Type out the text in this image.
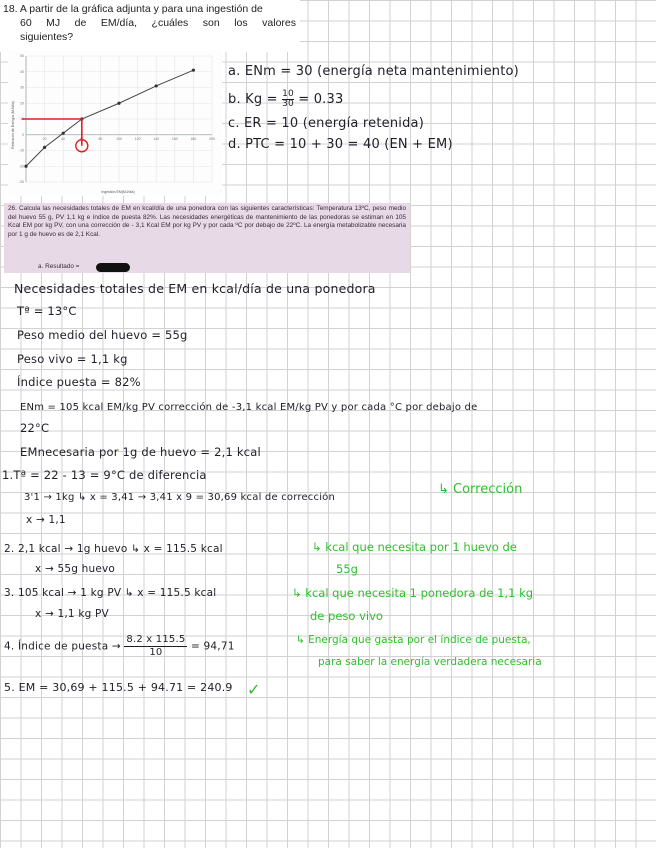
18. A partir de la gráfica adjunta y para una ingestión de
60 MJ de EM/día, ¿cuáles son los valores
siguientes?
20	40	60	80	100	120	140	160	180	200
-30
-20
-10
0
10
20
30
40
50
Ingestión EM(MJ/día)
Retención de Energía (MJ/día)
a. ENm = 30 (energía neta mantenimiento)
b. $Kg = \frac{10}{30} = 0.33$
c. ER = 10 (energía retenida)
d. PTC = 10 + 30 = 40 (EN + EM)
26. Calcula las necesidades totales de EM en kcal/día de una ponedora con las siguientes características: Temperatura 13ºC, peso medio del huevo 55 g, PV 1,1 kg e índice de puesta 82%. Las necesidades energéticas de mantenimiento de las ponedoras se estiman en 105 Kcal EM por kg PV, con una corrección de - 3,1 Kcal EM por kg PV y por cada ºC por debajo de 22ºC. La energía metabolizable necesaria por 1 g de huevo es de 2,1 Kcal.
a. Resultado =
Necesidades totales de EM en kcal/día de una ponedora
Tª = 13°C
Peso medio del huevo = 55g
Peso vivo = 1,1 kg
Índice puesta = 82%
ENm = 105 kcal EM/kg PV corrección de -3,1 kcal EM/kg PV y por cada °C por debajo de
22°C
EMnecesaria por 1g de huevo = 2,1 kcal
1.Tª = 22 - 13 = 9°C de diferencia
3'1 → 1kg ↳ x = 3,41 → 3,41 x 9 = 30,69 kcal de corrección
x → 1,1
↳ Corrección
2. 2,1 kcal → 1g huevo ↳ x = 115.5 kcal
x → 55g huevo
↳ kcal que necesita por 1 huevo de
55g
3. 105 kcal → 1 kg PV ↳ x = 115.5 kcal
x → 1,1 kg PV
↳ kcal que necesita 1 ponedora de 1,1 kg
de peso vivo
4. Índice de puesta → $\frac{8.2 x 115.5}{10} = 94,71$
↳ Energía que gasta por el índice de puesta,
para saber la energía verdadera necesaria
5. EM = 30,69 + 115.5 + 94.71 = 240.9 ✓
